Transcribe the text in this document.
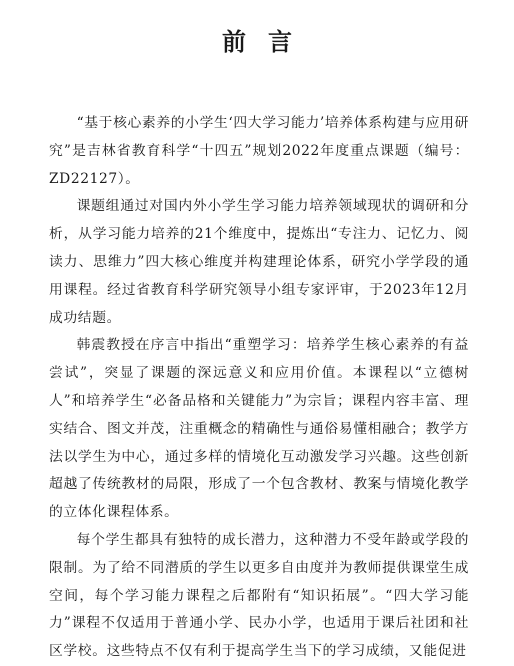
前言

“基于核心素养的小学生‘四大学习能力’培养体系构建与应用研究”是吉林省教育科学“十四五”规划2022年度重点课题（编号：ZD22127）。

课题组通过对国内外小学生学习能力培养领域现状的调研和分析，从学习能力培养的21个维度中，提炼出“专注力、记忆力、阅读力、思维力”四大核心维度并构建理论体系，研究小学学段的通用课程。经过省教育科学研究领导小组专家评审，于2023年12月成功结题。

韩震教授在序言中指出“重塑学习：培养学生核心素养的有益尝试”，突显了课题的深远意义和应用价值。本课程以“立德树人”和培养学生“必备品格和关键能力”为宗旨；课程内容丰富、理实结合、图文并茂，注重概念的精确性与通俗易懂相融合；教学方法以学生为中心，通过多样的情境化互动激发学习兴趣。这些创新超越了传统教材的局限，形成了一个包含教材、教案与情境化教学的立体化课程体系。

每个学生都具有独特的成长潜力，这种潜力不受年龄或学段的限制。为了给不同潜质的学生以更多自由度并为教师提供课堂生成空间，每个学习能力课程之后都附有“知识拓展”。“四大学习能力”课程不仅适用于普通小学、民办小学，也适用于课后社团和社区学校。这些特点不仅有利于提高学生当下的学习成绩，又能促进
